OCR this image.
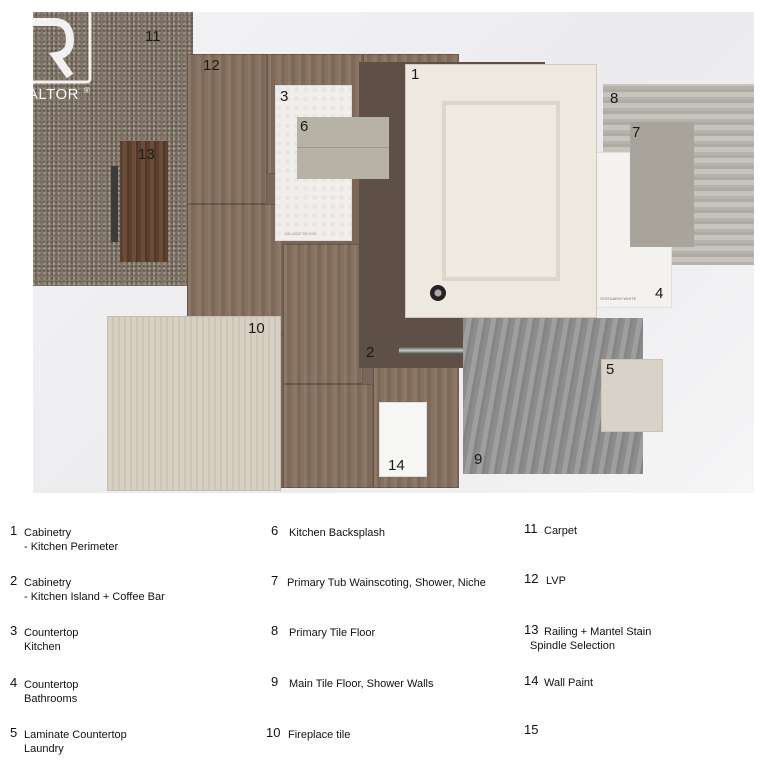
CALACATTA SILK
STATUARIO WHITE
1
2
3
4
5
6	7
8
9
10
11
12
13
14
REALTOR ®
1 Cabinetry
- Kitchen Perimeter
2 Cabinetry
- Kitchen Island + Coffee Bar
3 Countertop
Kitchen
4 Countertop
Bathrooms
5 Laminate Countertop
Laundry
6 Kitchen Backsplash
7 Primary Tub Wainscoting, Shower, Niche
8 Primary Tile Floor
9 Main Tile Floor, Shower Walls
10 Fireplace tile
11 Carpet
12 LVP
13 Railing + Mantel Stain
Spindle Selection
14 Wall Paint
15
